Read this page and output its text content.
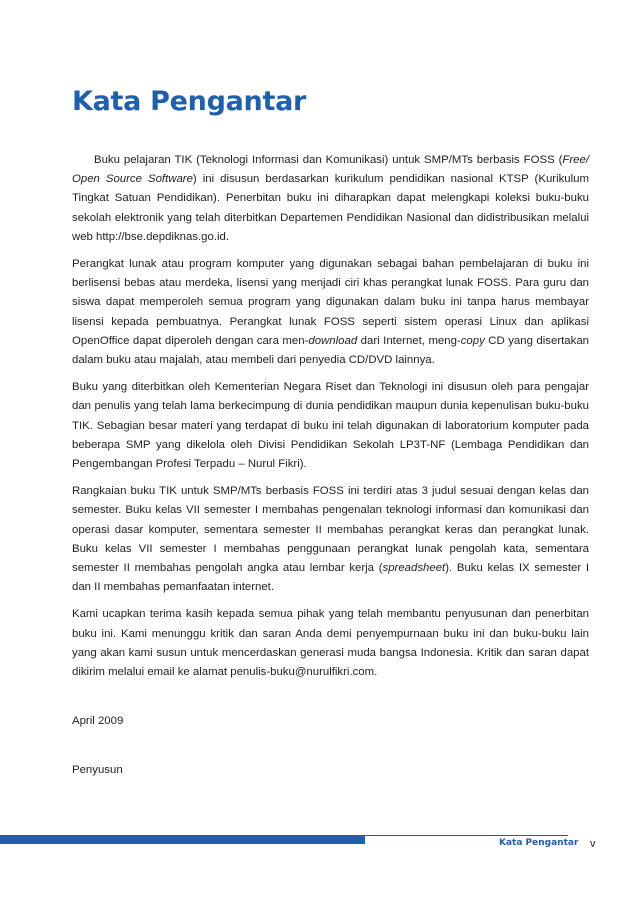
Kata Pengantar

Buku pelajaran TIK (Teknologi Informasi dan Komunikasi) untuk SMP/MTs berbasis FOSS (Free/ Open Source Software) ini disusun berdasarkan kurikulum pendidikan nasional KTSP (Kurikulum Tingkat Satuan Pendidikan). Penerbitan buku ini diharapkan dapat melengkapi koleksi buku-buku sekolah elektronik yang telah diterbitkan Departemen Pendidikan Nasional dan didistribusikan melalui web http://bse.depdiknas.go.id.

Perangkat lunak atau program komputer yang digunakan sebagai bahan pembelajaran di buku ini berlisensi bebas atau merdeka, lisensi yang menjadi ciri khas perangkat lunak FOSS. Para guru dan siswa dapat memperoleh semua program yang digunakan dalam buku ini tanpa harus membayar lisensi kepada pembuatnya. Perangkat lunak FOSS seperti sistem operasi Linux dan aplikasi OpenOffice dapat diperoleh dengan cara men-download dari Internet, meng-copy CD yang disertakan dalam buku atau majalah, atau membeli dari penyedia CD/DVD lainnya.

Buku yang diterbitkan oleh Kementerian Negara Riset dan Teknologi ini disusun oleh para pengajar dan penulis yang telah lama berkecimpung di dunia pendidikan maupun dunia kepenulisan buku-buku TIK. Sebagian besar materi yang terdapat di buku ini telah digunakan di laboratorium komputer pada beberapa SMP yang dikelola oleh Divisi Pendidikan Sekolah LP3T-NF (Lembaga Pendidikan dan Pengembangan Profesi Terpadu – Nurul Fikri).

Rangkaian buku TIK untuk SMP/MTs berbasis FOSS ini terdiri atas 3 judul sesuai dengan kelas dan semester. Buku kelas VII semester I membahas pengenalan teknologi informasi dan komunikasi dan operasi dasar komputer, sementara semester II membahas perangkat keras dan perangkat lunak. Buku kelas VII semester I membahas penggunaan perangkat lunak pengolah kata, sementara semester II membahas pengolah angka atau lembar kerja (spreadsheet). Buku kelas IX semester I dan II membahas pemanfaatan internet.

Kami ucapkan terima kasih kepada semua pihak yang telah membantu penyusunan dan penerbitan buku ini. Kami menunggu kritik dan saran Anda demi penyempurnaan buku ini dan buku-buku lain yang akan kami susun untuk mencerdaskan generasi muda bangsa Indonesia. Kritik dan saran dapat dikirim melalui email ke alamat penulis-buku@nurulfikri.com.

April 2009

Penyusun

Kata Pengantar v
